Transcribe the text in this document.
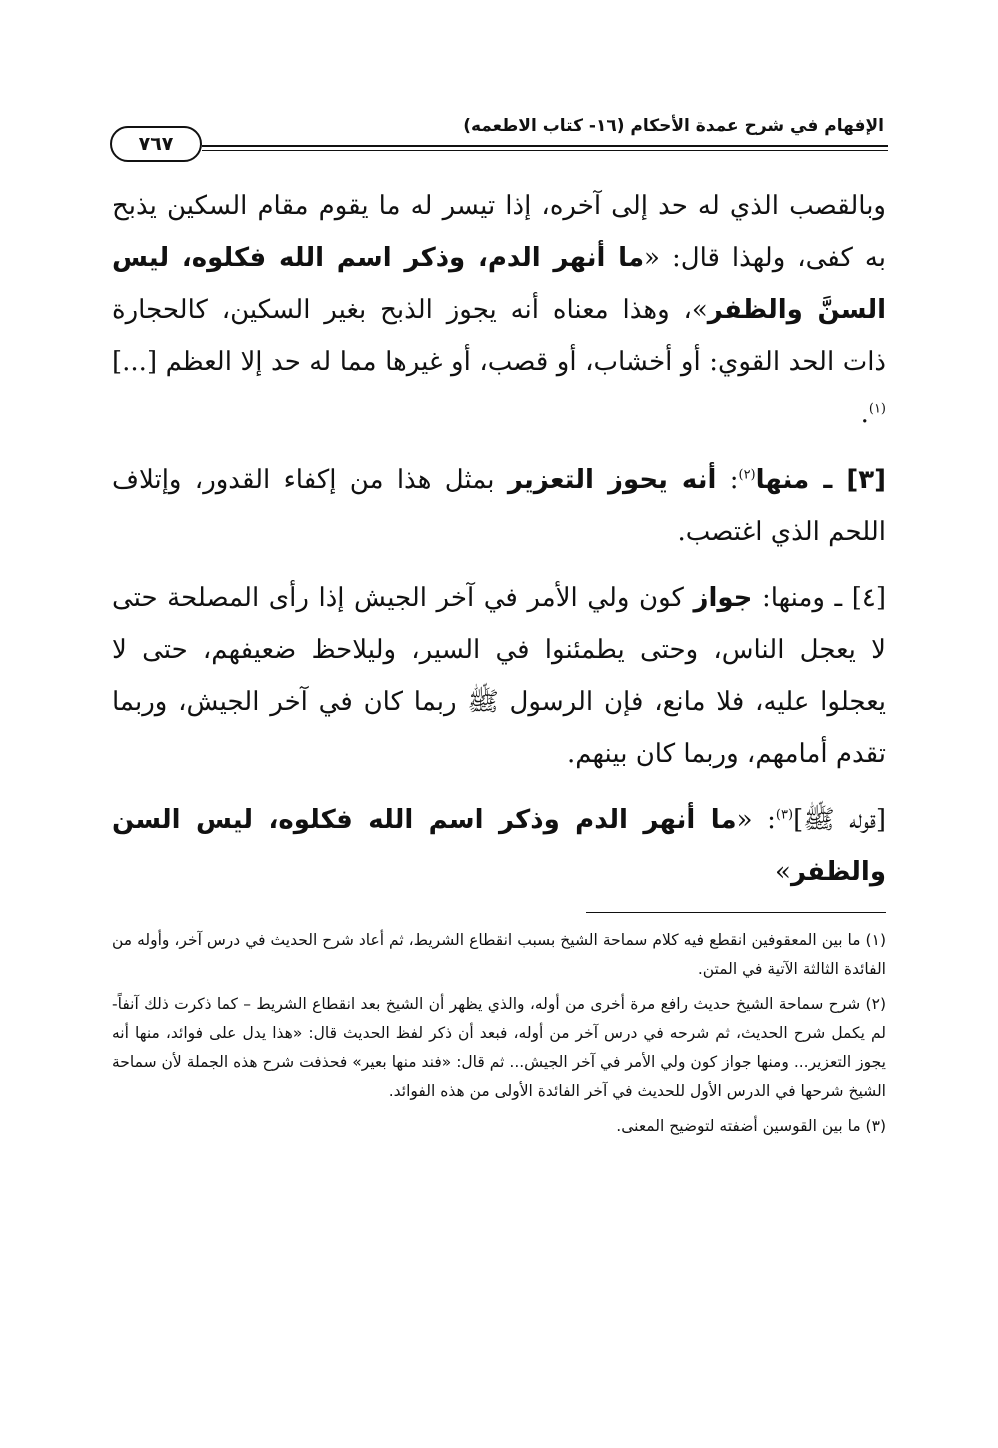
الإفهام في شرح عمدة الأحكام (١٦- كتاب الاطعمه)
٧٦٧

وبالقصب الذي له حد إلى آخره، إذا تيسر له ما يقوم مقام السكين يذبح به كفى، ولهذا قال: «ما أنهر الدم، وذكر اسم الله فكلوه، ليس السنَّ والظفر»، وهذا معناه أنه يجوز الذبح بغير السكين، كالحجارة ذات الحد القوي: أو أخشاب، أو قصب، أو غيرها مما له حد إلا العظم [...]$^{(١)}$.

[٣] ـ منها$^{(٢)}$: أنه يحوز التعزير بمثل هذا من إكفاء القدور، وإتلاف اللحم الذي اغتصب.

[٤] ـ ومنها: جواز كون ولي الأمر في آخر الجيش إذا رأى المصلحة حتى لا يعجل الناس، وحتى يطمئنوا في السير، وليلاحظ ضعيفهم، حتى لا يعجلوا عليه، فلا مانع، فإن الرسول ﷺ ربما كان في آخر الجيش، وربما تقدم أمامهم، وربما كان بينهم.

[قوله ﷺ]$^{(٣)}$: «ما أنهر الدم وذكر اسم الله فكلوه، ليس السن والظفر»

(١) ما بين المعقوفين انقطع فيه كلام سماحة الشيخ بسبب انقطاع الشريط، ثم أعاد شرح الحديث في درس آخر، وأوله من الفائدة الثالثة الآتية في المتن.

(٢) شرح سماحة الشيخ حديث رافع مرة أخرى من أوله، والذي يظهر أن الشيخ بعد انقطاع الشريط – كما ذكرت ذلك آنفاً- لم يكمل شرح الحديث، ثم شرحه في درس آخر من أوله، فبعد أن ذكر لفظ الحديث قال: «هذا يدل على فوائد، منها أنه يجوز التعزير... ومنها جواز كون ولي الأمر في آخر الجيش... ثم قال: «فند منها بعير» فحذفت شرح هذه الجملة لأن سماحة الشيخ شرحها في الدرس الأول للحديث في آخر الفائدة الأولى من هذه الفوائد.

(٣) ما بين القوسين أضفته لتوضيح المعنى.
